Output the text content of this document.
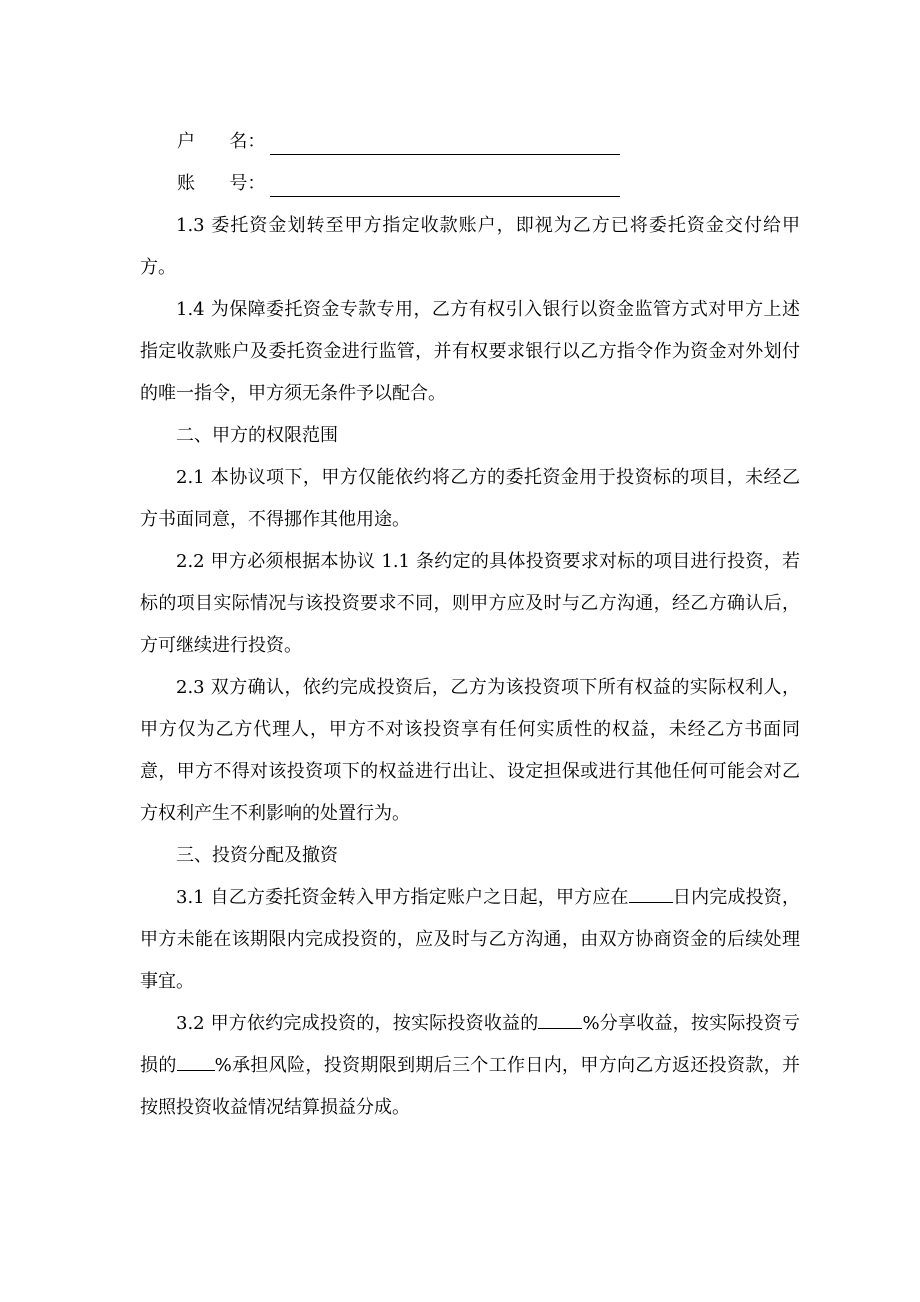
户      名：
账      号：

1.3 委托资金划转至甲方指定收款账户，即视为乙方已将委托资金交付给甲方。

1.4 为保障委托资金专款专用，乙方有权引入银行以资金监管方式对甲方上述指定收款账户及委托资金进行监管，并有权要求银行以乙方指令作为资金对外划付的唯一指令，甲方须无条件予以配合。

二、甲方的权限范围

2.1 本协议项下，甲方仅能依约将乙方的委托资金用于投资标的项目，未经乙方书面同意，不得挪作其他用途。

2.2 甲方必须根据本协议 1.1 条约定的具体投资要求对标的项目进行投资，若标的项目实际情况与该投资要求不同，则甲方应及时与乙方沟通，经乙方确认后，方可继续进行投资。

2.3 双方确认，依约完成投资后，乙方为该投资项下所有权益的实际权利人，甲方仅为乙方代理人，甲方不对该投资享有任何实质性的权益，未经乙方书面同意，甲方不得对该投资项下的权益进行出让、设定担保或进行其他任何可能会对乙方权利产生不利影响的处置行为。

三、投资分配及撤资

3.1 自乙方委托资金转入甲方指定账户之日起，甲方应在 日内完成投资，甲方未能在该期限内完成投资的，应及时与乙方沟通，由双方协商资金的后续处理事宜。

3.2 甲方依约完成投资的，按实际投资收益的 %分享收益，按实际投资亏损的 %承担风险，投资期限到期后三个工作日内，甲方向乙方返还投资款，并按照投资收益情况结算损益分成。
